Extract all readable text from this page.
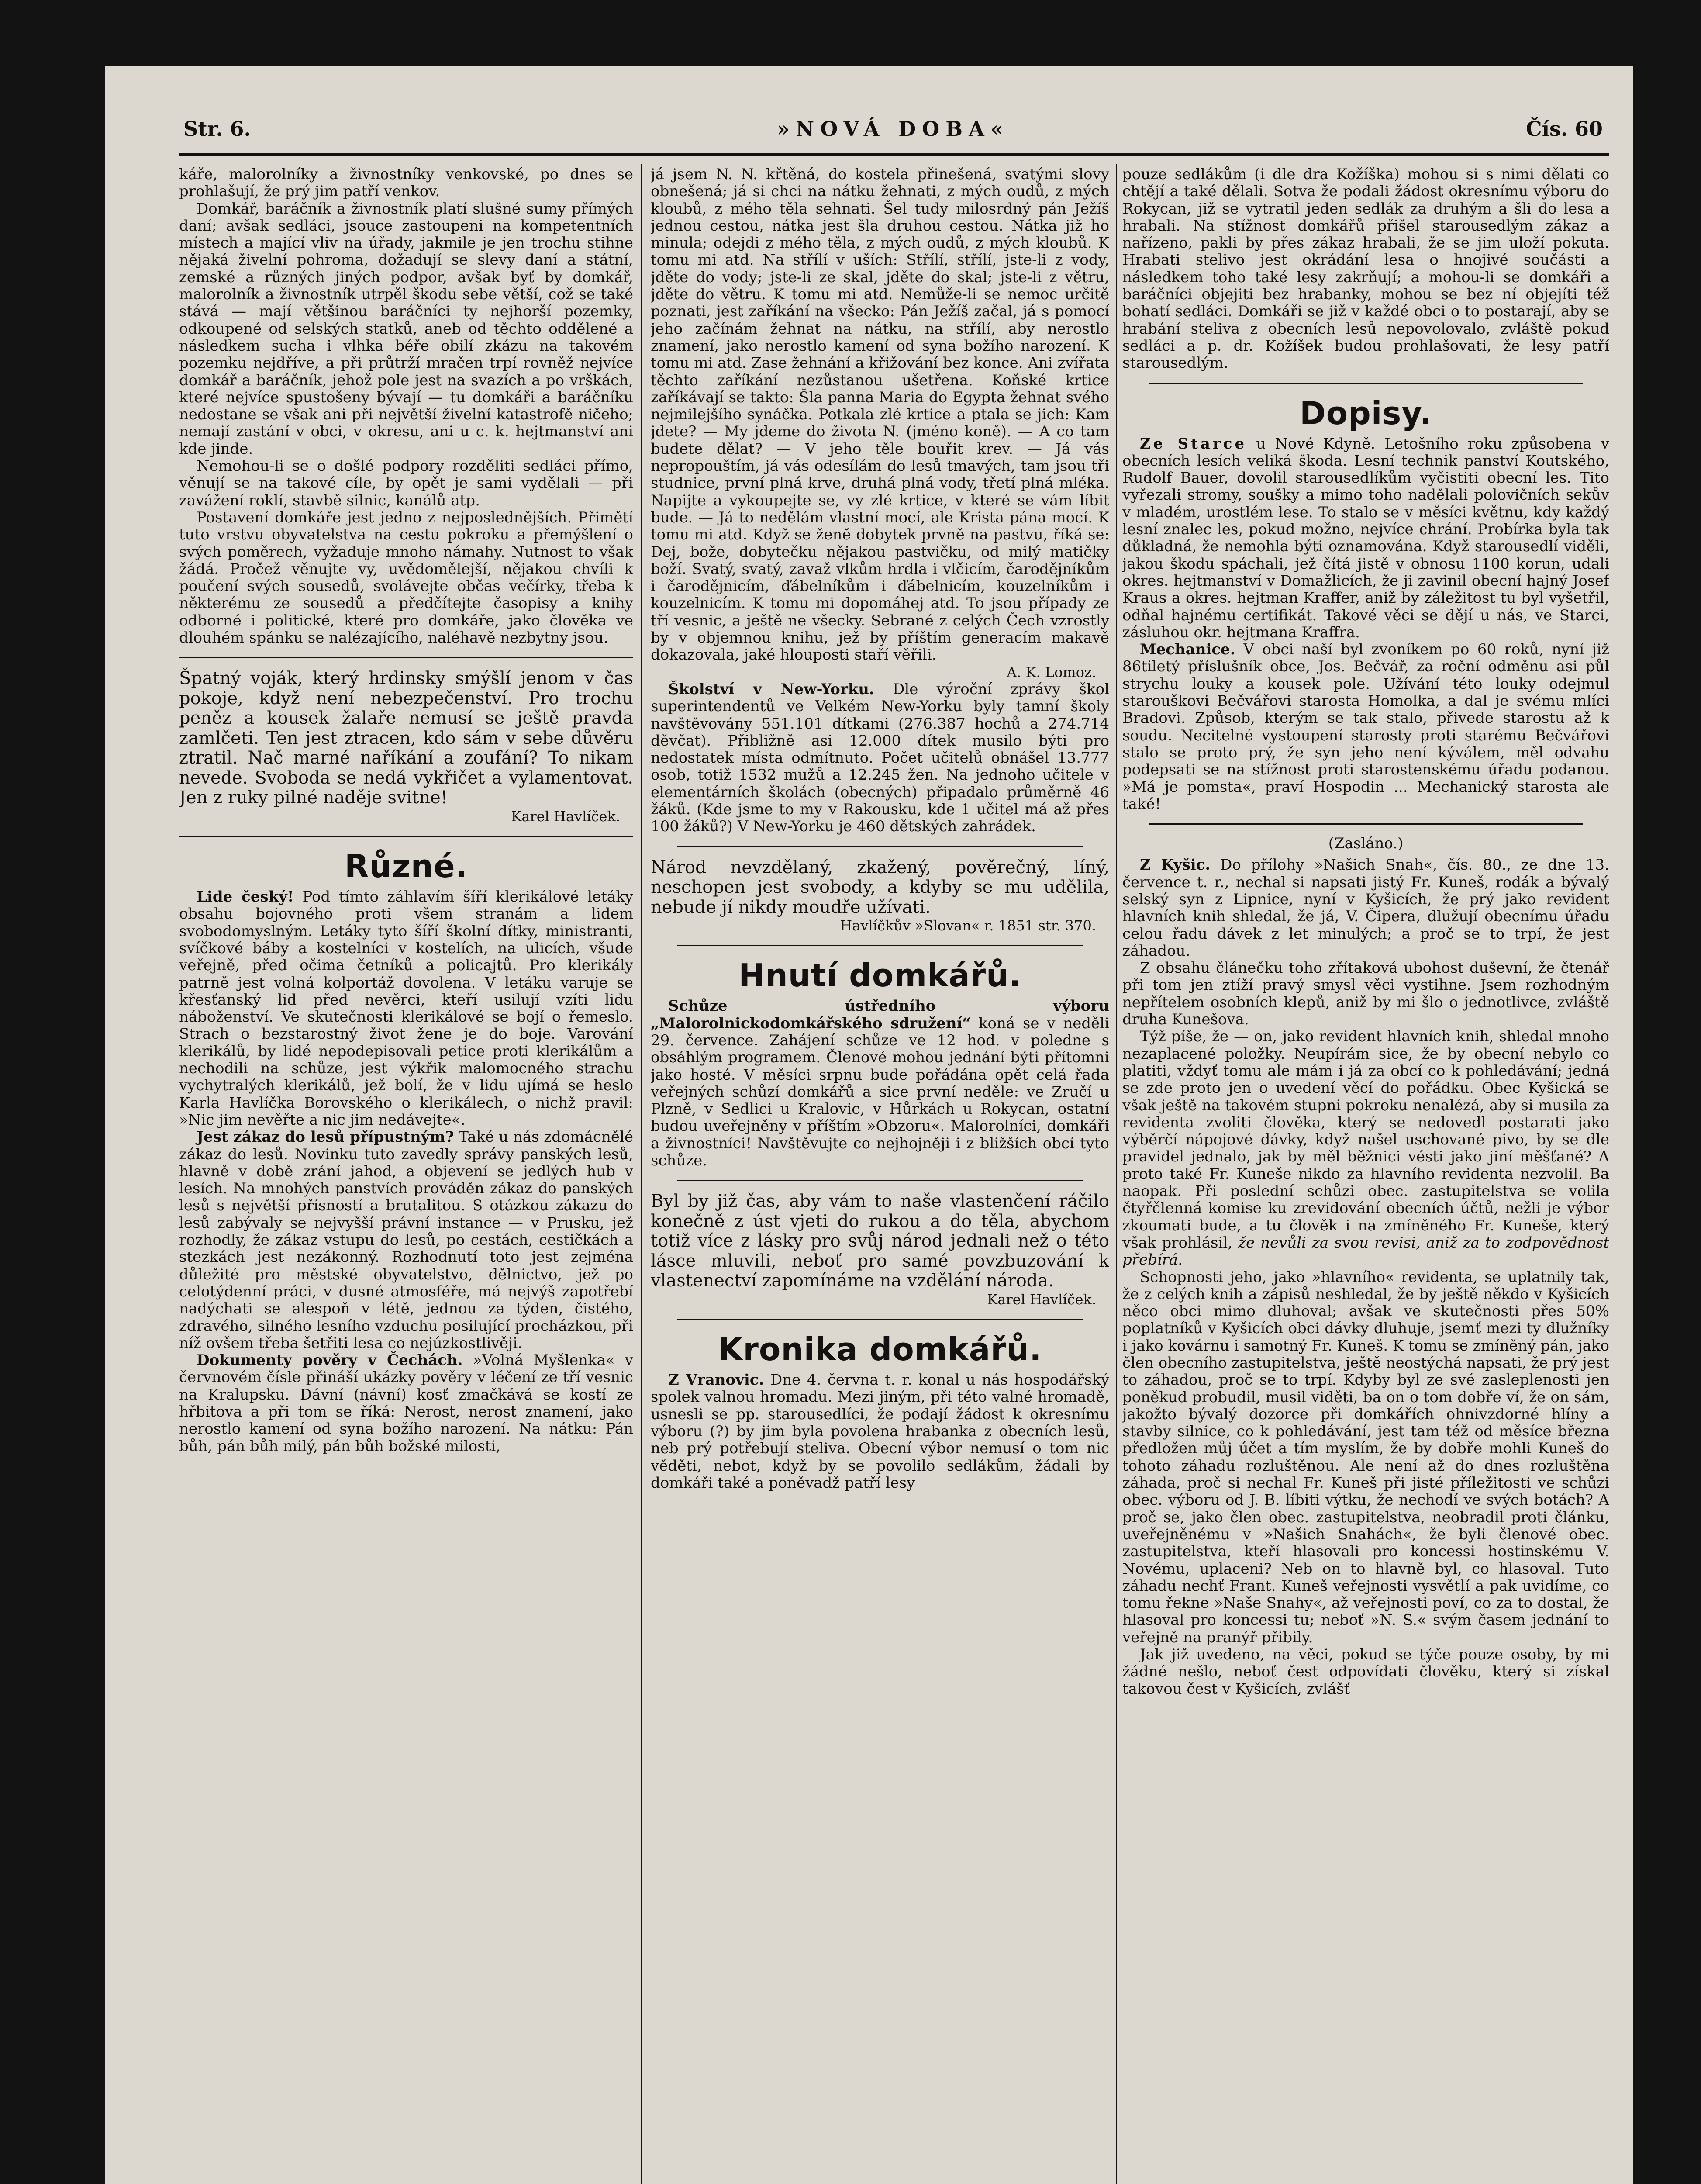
Str. 6.	»NOVÁ DOBA«	Čís. 60

káře, malorolníky a živnostníky venkovské, po dnes se prohlašují, že prý jim patří venkov.

Domkář, baráčník a živnostník platí slušné sumy přímých daní; avšak sedláci, jsouce zastoupeni na kompetentních místech a mající vliv na úřady, jakmile je jen trochu stihne nějaká živelní pohroma, dožadují se slevy daní a státní, zemské a různých jiných podpor, avšak byť by domkář, malorolník a živnostník utrpěl škodu sebe větší, což se také stává — mají většinou baráčníci ty nejhorší pozemky, odkoupené od selských statků, aneb od těchto oddělené a následkem sucha i vlhka béře obilí zkázu na takovém pozemku nejdříve, a při průtrží mračen trpí rovněž nejvíce domkář a baráčník, jehož pole jest na svazích a po vrškách, které nejvíce spustošeny bývají — tu domkáři a baráčníku nedostane se však ani při největší živelní katastrofě ničeho; nemají zastání v obci, v okresu, ani u c. k. hejtmanství ani kde jinde.

Nemohou-li se o došlé podpory rozděliti sedláci přímo, věnují se na takové cíle, by opět je sami vydělali — při zavážení roklí, stavbě silnic, kanálů atp.

Postavení domkáře jest jedno z nejposlednějších. Přimětí tuto vrstvu obyvatelstva na cestu pokroku a přemýšlení o svých poměrech, vyžaduje mnoho námahy. Nutnost to však žádá. Pročež věnujte vy, uvědomělejší, nějakou chvíli k poučení svých sousedů, svolávejte občas večírky, třeba k některému ze sousedů a předčítejte časopisy a knihy odborné i politické, které pro domkáře, jako člověka ve dlouhém spánku se nalézajícího, naléhavě nezbytny jsou.

Špatný voják, který hrdinsky smýšlí jenom v čas pokoje, když není nebezpečenství. Pro trochu peněz a kousek žalaře nemusí se ještě pravda zamlčeti. Ten jest ztracen, kdo sám v sebe důvěru ztratil. Nač marné naříkání a zoufání? To nikam nevede. Svoboda se nedá vykřičet a vylamentovat. Jen z ruky pilné naděje svitne!

Karel Havlíček.

Různé.

Lide český! Pod tímto záhlavím šíří klerikálové letáky obsahu bojovného proti všem stranám a lidem svobodomyslným. Letáky tyto šíří školní dítky, ministranti, svíčkové báby a kostelníci v kostelích, na ulicích, všude veřejně, před očima četníků a policajtů. Pro klerikály patrně jest volná kolportáž dovolena. V letáku varuje se křesťanský lid před nevěrci, kteří usilují vzíti lidu náboženství. Ve skutečnosti klerikálové se bojí o řemeslo. Strach o bezstarostný život žene je do boje. Varování klerikálů, by lidé nepodepisovali petice proti klerikálům a nechodili na schůze, jest výkřik malomocného strachu vychytralých klerikálů, jež bolí, že v lidu ujímá se heslo Karla Havlíčka Borovského o klerikálech, o nichž pravil: »Nic jim nevěřte a nic jim nedávejte«.

Jest zákaz do lesů přípustným? Také u nás zdomácnělé zákaz do lesů. Novinku tuto zavedly správy panských lesů, hlavně v době zrání jahod, a objevení se jedlých hub v lesích. Na mnohých panstvích prováděn zákaz do panských lesů s největší přísností a brutalitou. S otázkou zákazu do lesů zabývaly se nejvyšší právní instance — v Prusku, jež rozhodly, že zákaz vstupu do lesů, po cestách, cestičkách a stezkách jest nezákonný. Rozhodnutí toto jest zejména důležité pro městské obyvatelstvo, dělnictvo, jež po celotýdenní práci, v dusné atmosféře, má nejvýš zapotřebí nadýchati se alespoň v létě, jednou za týden, čistého, zdravého, silného lesního vzduchu posilující procházkou, při níž ovšem třeba šetřiti lesa co nejúzkostlivěji.

Dokumenty pověry v Čechách. »Volná Myšlenka« v červnovém čísle přináší ukázky pověry v léčení ze tří vesnic na Kralupsku. Dávní (návní) kosť zmačkává se kostí ze hřbitova a při tom se říká: Nerost, nerost znamení, jako nerostlo kamení od syna božího narození. Na nátku: Pán bůh, pán bůh milý, pán bůh božské milosti,

já jsem N. N. křtěná, do kostela přinešená, svatými slovy obnešená; já si chci na nátku žehnati, z mých oudů, z mých kloubů, z mého těla sehnati. Šel tudy milosrdný pán Ježíš jednou cestou, nátka jest šla druhou cestou. Nátka již ho minula; odejdi z mého těla, z mých oudů, z mých kloubů. K tomu mi atd. Na střílí v uších: Střílí, střílí, jste-li z vody, jděte do vody; jste-li ze skal, jděte do skal; jste-li z větru, jděte do větru. K tomu mi atd. Nemůže-li se nemoc určitě poznati, jest zaříkání na všecko: Pán Ježíš začal, já s pomocí jeho začínám žehnat na nátku, na střílí, aby nerostlo znamení, jako nerostlo kamení od syna božího narození. K tomu mi atd. Zase žehnání a křižování bez konce. Ani zvířata těchto zaříkání nezůstanou ušetřena. Koňské krtice zaříkávají se takto: Šla panna Maria do Egypta žehnat svého nejmilejšího synáčka. Potkala zlé krtice a ptala se jich: Kam jdete? — My jdeme do života N. (jméno koně). — A co tam budete dělat? — V jeho těle bouřit krev. — Já vás nepropouštím, já vás odesílám do lesů tmavých, tam jsou tři studnice, první plná krve, druhá plná vody, třetí plná mléka. Napijte a vykoupejte se, vy zlé krtice, v které se vám líbit bude. — Já to nedělám vlastní mocí, ale Krista pána mocí. K tomu mi atd. Když se ženě dobytek prvně na pastvu, říká se: Dej, bože, dobytečku nějakou pastvičku, od milý matičky boží. Svatý, svatý, zavaž vlkům hrdla i vlčicím, čarodějníkům i čarodějnicím, ďábelníkům i ďábelnicím, kouzelníkům i kouzelnicím. K tomu mi dopomáhej atd. To jsou případy ze tří vesnic, a ještě ne všecky. Sebrané z celých Čech vzrostly by v objemnou knihu, jež by příštím generacím makavě dokazovala, jaké hlouposti staří věřili.

A. K. Lomoz.

Školství v New-Yorku. Dle výroční zprávy škol superintendentů ve Velkém New-Yorku byly tamní školy navštěvovány 551.101 dítkami (276.387 hochů a 274.714 děvčat). Přibližně asi 12.000 dítek musilo býti pro nedostatek místa odmítnuto. Počet učitelů obnášel 13.777 osob, totiž 1532 mužů a 12.245 žen. Na jednoho učitele v elementárních školách (obecných) připadalo průměrně 46 žáků. (Kde jsme to my v Rakousku, kde 1 učitel má až přes 100 žáků?) V New-Yorku je 460 dětských zahrádek.

Národ nevzdělaný, zkažený, pověrečný, líný, neschopen jest svobody, a kdyby se mu udělila, nebude jí nikdy moudře užívati.

Havlíčkův »Slovan« r. 1851 str. 370.

Hnutí domkářů.

Schůze ústředního výboru „Malorolnickodomkářského sdružení“ koná se v neděli 29. července. Zahájení schůze ve 12 hod. v poledne s obsáhlým programem. Členové mohou jednání býti přítomni jako hosté. V měsíci srpnu bude pořádána opět celá řada veřejných schůzí domkářů a sice první neděle: ve Zručí u Plzně, v Sedlici u Kralovic, v Hůrkách u Rokycan, ostatní budou uveřejněny v příštím »Obzoru«. Malorolníci, domkáři a živnostníci! Navštěvujte co nejhojněji i z bližších obcí tyto schůze.

Byl by již čas, aby vám to naše vlastenčení ráčilo konečně z úst vjeti do rukou a do těla, abychom totiž více z lásky pro svůj národ jednali než o této lásce mluvili, neboť pro samé povzbuzování k vlastenectví zapomínáme na vzdělání národa.

Karel Havlíček.

Kronika domkářů.

Z Vranovic. Dne 4. června t. r. konal u nás hospodářský spolek valnou hromadu. Mezi jiným, při této valné hromadě, usnesli se pp. starousedlíci, že podají žádost k okresnímu výboru (?) by jim byla povolena hrabanka z obecních lesů, neb prý potřebují steliva. Obecní výbor nemusí o tom nic věděti, nebot, když by se povolilo sedlákům, žádali by domkáři také a poněvadž patří lesy

pouze sedlákům (i dle dra Kožíška) mohou si s nimi dělati co chtějí a také dělali. Sotva že podali žádost okresnímu výboru do Rokycan, již se vytratil jeden sedlák za druhým a šli do lesa a hrabali. Na stížnost domkářů přišel starousedlým zákaz a nařízeno, pakli by přes zákaz hrabali, že se jim uloží pokuta. Hrabati stelivo jest okrádání lesa o hnojivé součásti a následkem toho také lesy zakrňují; a mohou-li se domkáři a baráčníci objejiti bez hrabanky, mohou se bez ní objejíti též bohatí sedláci. Domkáři se již v každé obci o to postarají, aby se hrabání steliva z obecních lesů nepovolovalo, zvláště pokud sedláci a p. dr. Kožíšek budou prohlašovati, že lesy patří starousedlým.

Dopisy.

Ze Starce u Nové Kdyně. Letošního roku způsobena v obecních lesích veliká škoda. Lesní technik panství Koutského, Rudolf Bauer, dovolil starousedlíkům vyčistiti obecní les. Tito vyřezali stromy, soušky a mimo toho nadělali polovičních sekův v mladém, urostlém lese. To stalo se v měsíci květnu, kdy každý lesní znalec les, pokud možno, nejvíce chrání. Probírka byla tak důkladná, že nemohla býti oznamována. Když starousedlí viděli, jakou škodu spáchali, jež čítá jistě v obnosu 1100 korun, udali okres. hejtmanství v Domažlicích, že ji zavinil obecní hajný Josef Kraus a okres. hejtman Kraffer, aniž by záležitost tu byl vyšetřil, odňal hajnému certifikát. Takové věci se dějí u nás, ve Starci, zásluhou okr. hejtmana Kraffra.

Mechanice. V obci naší byl zvoníkem po 60 roků, nyní již 86tiletý příslušník obce, Jos. Bečvář, za roční odměnu asi půl strychu louky a kousek pole. Užívání této louky odejmul starouškovi Bečvářovi starosta Homolka, a dal je svému mlíci Bradovi. Způsob, kterým se tak stalo, přivede starostu až k soudu. Necitelné vystoupení starosty proti starému Bečvářovi stalo se proto prý, že syn jeho není kýválem, měl odvahu podepsati se na stížnost proti starostenskému úřadu podanou. »Má je pomsta«, praví Hospodin ... Mechanický starosta ale také!

(Zasláno.)

Z Kyšic. Do přílohy »Našich Snah«, čís. 80., ze dne 13. července t. r., nechal si napsati jistý Fr. Kuneš, rodák a bývalý selský syn z Lipnice, nyní v Kyšicích, že prý jako revident hlavních knih shledal, že já, V. Čipera, dlužují obecnímu úřadu celou řadu dávek z let minulých; a proč se to trpí, že jest záhadou.

Z obsahu článečku toho zřítaková ubohost duševní, že čtenář při tom jen ztíží pravý smysl věci vystihne. Jsem rozhodným nepřítelem osobních klepů, aniž by mi šlo o jednotlivce, zvláště druha Kunešova.

Týž píše, že — on, jako revident hlavních knih, shledal mnoho nezaplacené položky. Neupírám sice, že by obecní nebylo co platiti, vždyť tomu ale mám i já za obcí co k pohledávání; jedná se zde proto jen o uvedení věcí do pořádku. Obec Kyšická se však ještě na takovém stupni pokroku nenalézá, aby si musila za revidenta zvoliti člověka, který se nedovedl postarati jako výběrčí nápojové dávky, když našel uschované pivo, by se dle pravidel jednalo, jak by měl běžnici vésti jako jiní měšťané? A proto také Fr. Kuneše nikdo za hlavního revidenta nezvolil. Ba naopak. Při poslední schůzi obec. zastupitelstva se volila čtyřčlenná komise ku zrevidování obecních účtů, nežli je výbor zkoumati bude, a tu člověk i na zmíněného Fr. Kuneše, který však prohlásil, že nevůli za svou revisi, aniž za to zodpovědnost přebírá.

Schopnosti jeho, jako »hlavního« revidenta, se uplatnily tak, že z celých knih a zápisů neshledal, že by ještě někdo v Kyšicích něco obci mimo dluhoval; avšak ve skutečnosti přes 50% poplatníků v Kyšicích obci dávky dluhuje, jsemť mezi ty dlužníky i jako kovárnu i samotný Fr. Kuneš. K tomu se zmíněný pán, jako člen obecního zastupitelstva, ještě neostýchá napsati, že prý jest to záhadou, proč se to trpí. Kdyby byl ze své zasleplenosti jen poněkud probudil, musil viděti, ba on o tom dobře ví, že on sám, jakožto bývalý dozorce při domkářích ohnivzdorné hlíny a stavby silnice, co k pohledávání, jest tam též od měsíce března předložen můj účet a tím myslím, že by dobře mohli Kuneš do tohoto záhadu rozluštěnou. Ale není až do dnes rozluštěna záhada, proč si nechal Fr. Kuneš při jisté příležitosti ve schůzi obec. výboru od J. B. líbiti výtku, že nechodí ve svých botách? A proč se, jako člen obec. zastupitelstva, neobradil proti článku, uveřejněnému v »Našich Snahách«, že byli členové obec. zastupitelstva, kteří hlasovali pro koncessi hostinskému V. Novému, uplaceni? Neb on to hlavně byl, co hlasoval. Tuto záhadu nechť Frant. Kuneš veřejnosti vysvětlí a pak uvidíme, co tomu řekne »Naše Snahy«, až veřejnosti poví, co za to dostal, že hlasoval pro koncessi tu; neboť »N. S.« svým časem jednání to veřejně na pranýř přibily.

Jak již uvedeno, na věci, pokud se týče pouze osoby, by mi žádné nešlo, neboť čest odpovídati člověku, který si získal takovou čest v Kyšicích, zvlášť
